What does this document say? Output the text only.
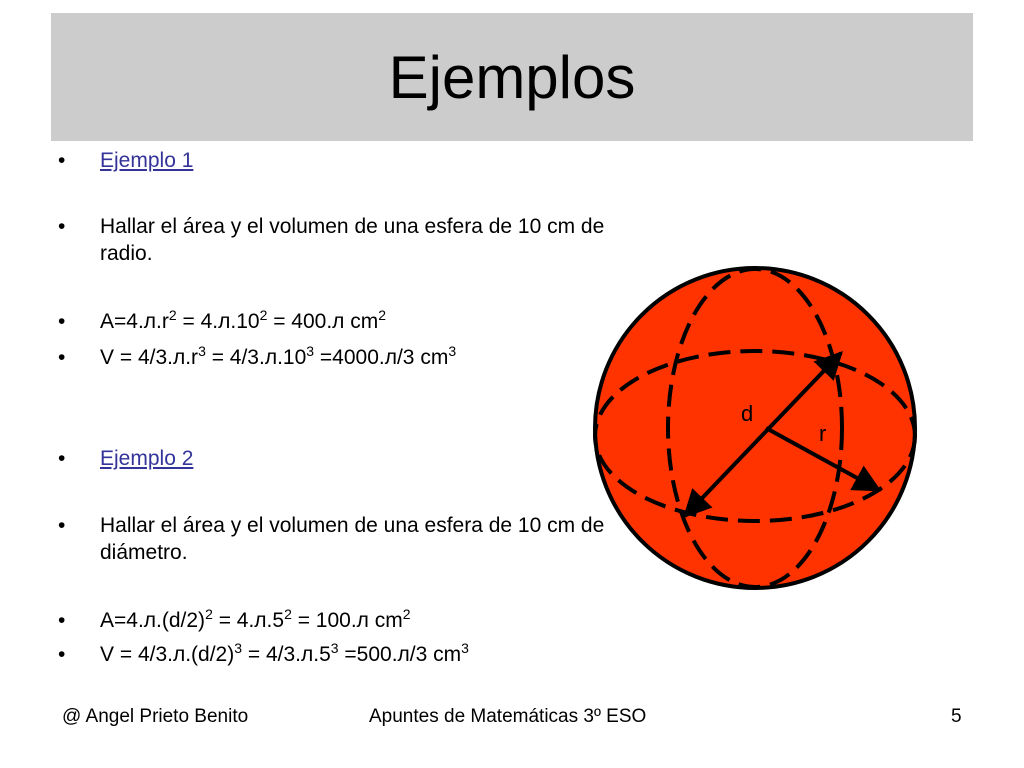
Ejemplos
•	Ejemplo 1
•	Hallar el área y el volumen de una esfera de 10 cm de radio.
•	$A=4.л.r^2 = 4.л.10^2 = 400.л$ $cm^2$
•	$V = 4/3.л.r^3 = 4/3.л.10^3 =4000.л/3$ $cm^3$
•	Ejemplo 2
•	Hallar el área y el volumen de una esfera de 10 cm de diámetro.
•	$A=4.л.(d/2)^2 = 4.л.5^2 = 100.л$ $cm^2$
•	$V = 4/3.л.(d/2)^3 = 4/3.л.5^3 =500.л/3$ $cm^3$
d
r
@ Angel Prieto Benito	Apuntes de Matemáticas 3º ESO	5
